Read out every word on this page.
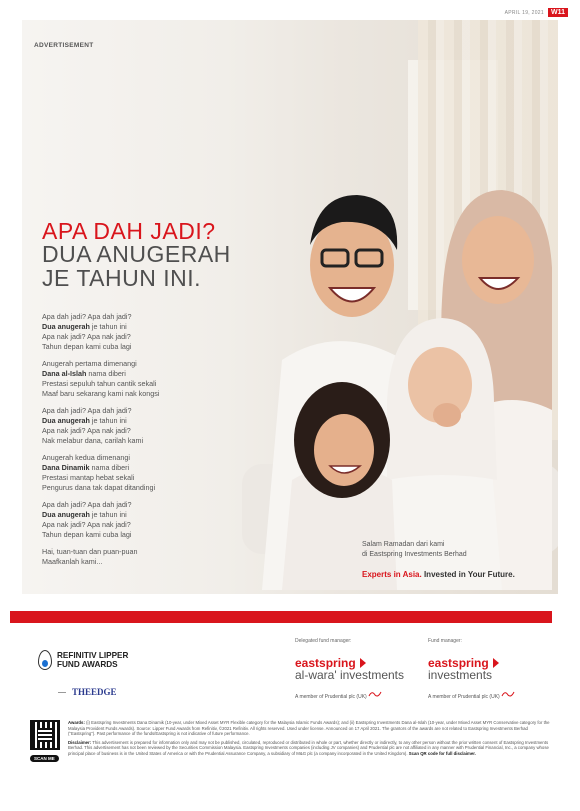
APRIL 19, 2021	W11
ADVERTISEMENT
APA DAH JADI?
DUA ANUGERAH
JE TAHUN INI.
Apa dah jadi? Apa dah jadi?
Dua anugerah je tahun ini
Apa nak jadi? Apa nak jadi?
Tahun depan kami cuba lagi
Anugerah pertama dimenangi
Dana al-Islah nama diberi
Prestasi sepuluh tahun cantik sekali
Maaf baru sekarang kami nak kongsi
Apa dah jadi? Apa dah jadi?
Dua anugerah je tahun ini
Apa nak jadi? Apa nak jadi?
Nak melabur dana, carilah kami
Anugerah kedua dimenangi
Dana Dinamik nama diberi
Prestasi mantap hebat sekali
Pengurus dana tak dapat ditandingi
Apa dah jadi? Apa dah jadi?
Dua anugerah je tahun ini
Apa nak jadi? Apa nak jadi?
Tahun depan kami cuba lagi
Hai, tuan-tuan dan puan-puan
Maafkanlah kami...
Salam Ramadan dari kami
di Eastspring Investments Berhad
Experts in Asia. Invested in Your Future.
REFINITIV LIPPER
FUND AWARDS
THEEDGE
Delegated fund manager:
eastspring
al-wara' investments
A member of Prudential plc (UK)
Fund manager:
eastspring
investments
A member of Prudential plc (UK)
SCAN ME

Awards: (i) Eastspring Investments Dana Dinamik (10-year, under Mixed Asset MYR Flexible category for the Malaysia Islamic Funds Awards); and (ii) Eastspring Investments Dana al-Islah (10-year, under Mixed Asset MYR Conservative category for the Malaysia Provident Funds Awards). Source: Lipper Fund Awards from Refinitiv, ©2021 Refinitiv. All rights reserved. Used under license. Announced on 17 April 2021. The grantors of the awards are not related to Eastspring Investments Berhad ("Eastspring"). Past performance of the funds/Eastspring is not indicative of future performance.

Disclaimer: This advertisement is prepared for information only and may not be published, circulated, reproduced or distributed in whole or part, whether directly or indirectly, to any other person without the prior written consent of Eastspring Investments Berhad. This advertisement has not been reviewed by the Securities Commission Malaysia. Eastspring Investments companies (including JV companies) and Prudential plc are not affiliated in any manner with Prudential Financial, Inc., a company whose principal place of business is in the United States of America or with the Prudential Assurance Company, a subsidiary of M&G plc (a company incorporated in the United Kingdom). Scan QR code for full disclaimer.
